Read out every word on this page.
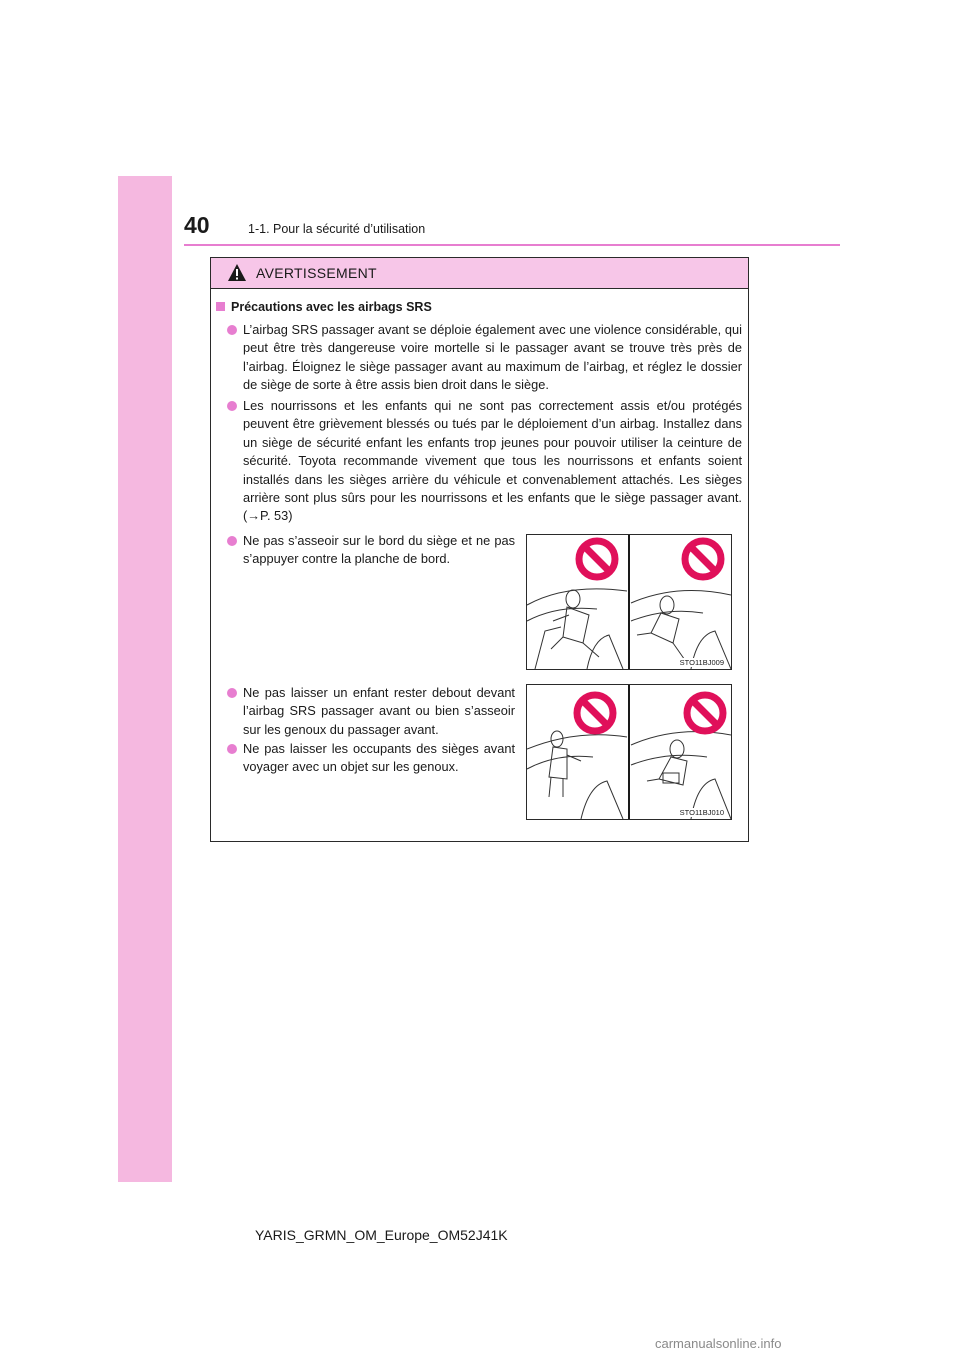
40	1-1. Pour la sécurité d’utilisation
AVERTISSEMENT
Précautions avec les airbags SRS
L’airbag SRS passager avant se déploie également avec une violence considérable, qui peut être très dangereuse voire mortelle si le passager avant se trouve très près de l’airbag. Éloignez le siège passager avant au maximum de l’airbag, et réglez le dossier de siège de sorte à être assis bien droit dans le siège.
Les nourrissons et les enfants qui ne sont pas correctement assis et/ou protégés peuvent être grièvement blessés ou tués par le déploiement d’un airbag. Installez dans un siège de sécurité enfant les enfants trop jeunes pour pouvoir utiliser la ceinture de sécurité. Toyota recommande vivement que tous les nourrissons et enfants soient installés dans les sièges arrière du véhicule et convenablement attachés. Les sièges arrière sont plus sûrs pour les nourrissons et les enfants que le siège passager avant. (→P. 53)
Ne pas s’asseoir sur le bord du siège et ne pas s’appuyer contre la planche de bord.
Ne pas laisser un enfant rester debout devant l’airbag SRS passager avant ou bien s’asseoir sur les genoux du passager avant.
Ne pas laisser les occupants des sièges avant voyager avec un objet sur les genoux.
STO11BJ009
STO11BJ010
YARIS_GRMN_OM_Europe_OM52J41K
carmanualsonline.info
